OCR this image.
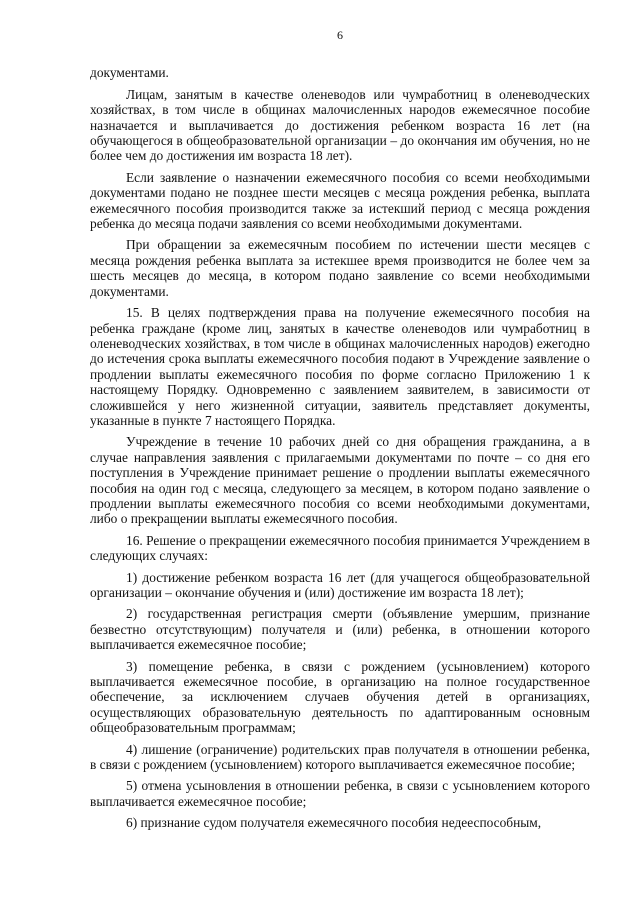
6

документами.

Лицам, занятым в качестве оленеводов или чумработниц в оленеводческих хозяйствах, в том числе в общинах малочисленных народов ежемесячное пособие назначается и выплачивается до достижения ребенком возраста 16 лет (на обучающегося в общеобразовательной организации – до окончания им обучения, но не более чем до достижения им возраста 18 лет).

Если заявление о назначении ежемесячного пособия со всеми необходимыми документами подано не позднее шести месяцев с месяца рождения ребенка, выплата ежемесячного пособия производится также за истекший период с месяца рождения ребенка до месяца подачи заявления со всеми необходимыми документами.

При обращении за ежемесячным пособием по истечении шести месяцев с месяца рождения ребенка выплата за истекшее время производится не более чем за шесть месяцев до месяца, в котором подано заявление со всеми необходимыми документами.

15. В целях подтверждения права на получение ежемесячного пособия на ребенка граждане (кроме лиц, занятых в качестве оленеводов или чумработниц в оленеводческих хозяйствах, в том числе в общинах малочисленных народов) ежегодно до истечения срока выплаты ежемесячного пособия подают в Учреждение заявление о продлении выплаты ежемесячного пособия по форме согласно Приложению 1 к настоящему Порядку. Одновременно с заявлением заявителем, в зависимости от сложившейся у него жизненной ситуации, заявитель представляет документы, указанные в пункте 7 настоящего Порядка.

Учреждение в течение 10 рабочих дней со дня обращения гражданина, а в случае направления заявления с прилагаемыми документами по почте – со дня его поступления в Учреждение принимает решение о продлении выплаты ежемесячного пособия на один год с месяца, следующего за месяцем, в котором подано заявление о продлении выплаты ежемесячного пособия со всеми необходимыми документами, либо о прекращении выплаты ежемесячного пособия.

16. Решение о прекращении ежемесячного пособия принимается Учреждением в следующих случаях:

1) достижение ребенком возраста 16 лет (для учащегося общеобразовательной организации – окончание обучения и (или) достижение им возраста 18 лет);

2) государственная регистрация смерти (объявление умершим, признание безвестно отсутствующим) получателя и (или) ребенка, в отношении которого выплачивается ежемесячное пособие;

3) помещение ребенка, в связи с рождением (усыновлением) которого выплачивается ежемесячное пособие, в организацию на полное государственное обеспечение, за исключением случаев обучения детей в организациях, осуществляющих образовательную деятельность по адаптированным основным общеобразовательным программам;

4) лишение (ограничение) родительских прав получателя в отношении ребенка, в связи с рождением (усыновлением) которого выплачивается ежемесячное пособие;

5) отмена усыновления в отношении ребенка, в связи с усыновлением которого выплачивается ежемесячное пособие;

6) признание судом получателя ежемесячного пособия недееспособным,
